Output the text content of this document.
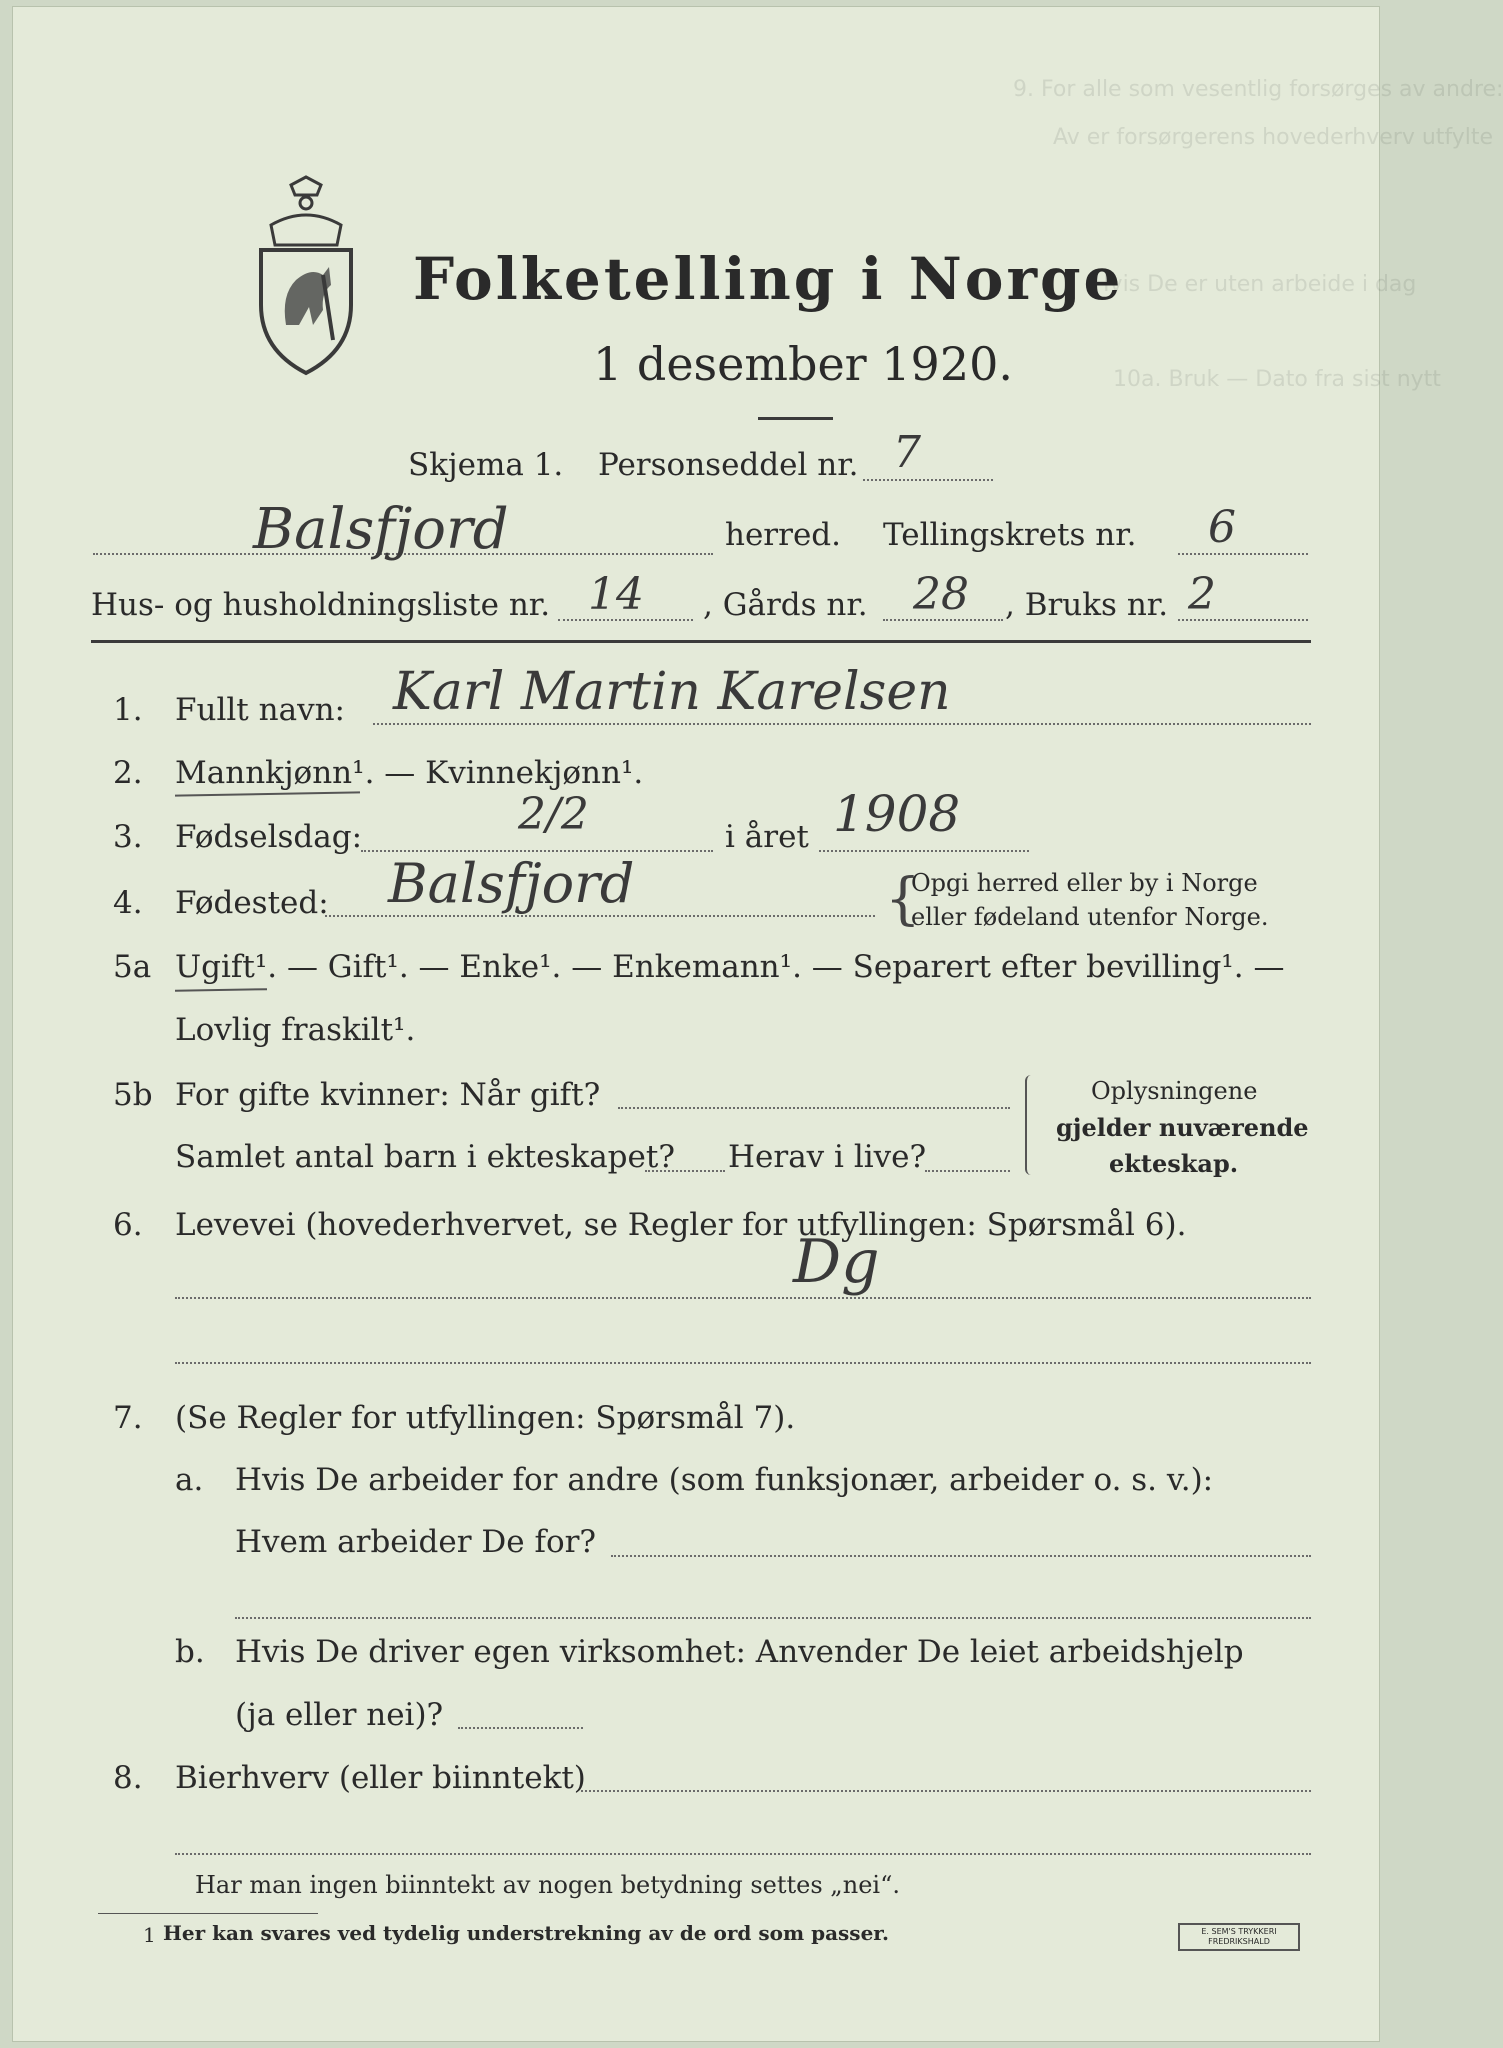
9. For alle som vesentlig forsørges av andre:
Av er forsørgerens hovederhverv utfylte
Hvis De er uten arbeide i dag
10a. Bruk — Dato fra sist nytt
Folketelling i Norge
1 desember 1920.
Skjema 1. Personseddel nr. 7
Balsfjord	herred. Tellingskrets nr. 6
Hus- og husholdningsliste nr. 14 , Gårds nr. 28 , Bruks nr. 2
1. Fullt navn: Karl Martin Karelsen
2. Mannkjønn¹. — Kvinnekjønn¹.
3. Fødselsdag:	2/2	i året 1908
4. Fødested: Balsfjord	{
Opgi herred eller by i Norge
eller fødeland utenfor Norge.
5a Ugift¹. — Gift¹. — Enke¹. — Enkemann¹. — Separert efter bevilling¹. —
Lovlig fraskilt¹.
5b For gifte kvinner: Når gift?
Samlet antal barn i ekteskapet? Herav i live?
Oplysningene
gjelder nuværende
ekteskap.
6. Levevei (hovederhvervet, se Regler for utfyllingen: Spørsmål 6).
Dg
7. (Se Regler for utfyllingen: Spørsmål 7).
a. Hvis De arbeider for andre (som funksjonær, arbeider o. s. v.):
Hvem arbeider De for?
b. Hvis De driver egen virksomhet: Anvender De leiet arbeidshjelp
(ja eller nei)?
8. Bierhverv (eller biinntekt)
Har man ingen biinntekt av nogen betydning settes „nei“.
1 Her kan svares ved tydelig understrekning av de ord som passer.	E. SEM'S TRYKKERI
FREDRIKSHALD
